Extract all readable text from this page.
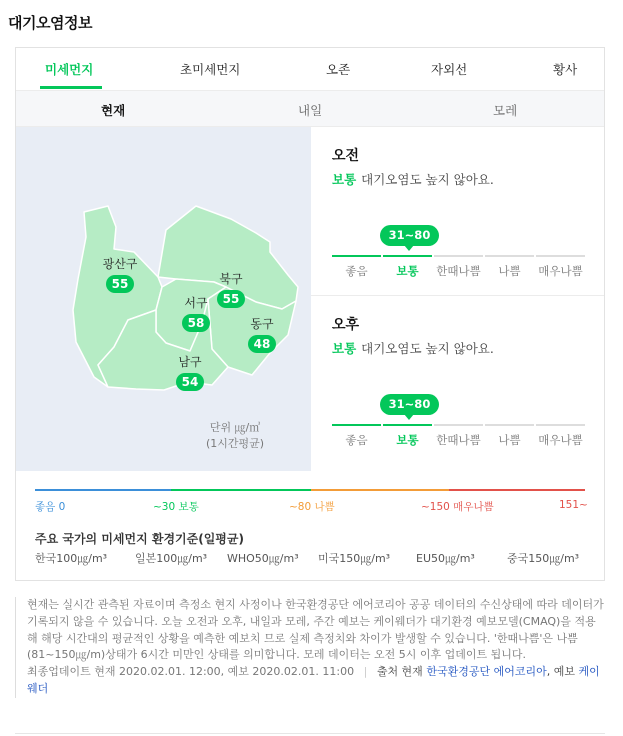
대기오염정보
미세먼지	초미세먼지	오존	자외선	황사
현재	내일	모레
북구
55
광산구
55
서구
58	동구
48
남구
54
단위 ㎍/㎥
(1시간평균)
오전
보통 대기오염도 높지 않아요.
31~80
좋음	보통	한때나쁨	나쁨	매우나쁨
오후
보통 대기오염도 높지 않아요.
31~80
좋음	보통	한때나쁨	나쁨	매우나쁨
좋음 0	~30 보통	~80 나쁨	~150 매우나쁨	151~
주요 국가의 미세먼지 환경기준(일평균)
한국100㎍/m³	일본100㎍/m³ WHO50㎍/m³ 미국150㎍/m³ EU50㎍/m³	중국150㎍/m³
현재는 실시간 관측된 자료이며 측정소 현지 사정이나 한국환경공단 에어코리아 공공 데이터의 수신상태에 따라 데이터가 기록되지 않을 수 있습니다. 오늘 오전과 오후, 내일과 모레, 주간 예보는 케이웨더가 대기환경 예보모델(CMAQ)을 적용해 해당 시간대의 평균적인 상황을 예측한 예보치 므로 실제 측정치와 차이가 발생할 수 있습니다. '한때나쁨'은 나쁨(81~150㎍/m)상태가 6시간 미만인 상태를 의미합니다. 모레 데이터는 오전 5시 이후 업데이트 됩니다.
최종업데이트 현재 2020.02.01. 12:00, 예보 2020.02.01. 11:00 | 출처 현재 한국환경공단 에어코리아, 예보 케이웨더
